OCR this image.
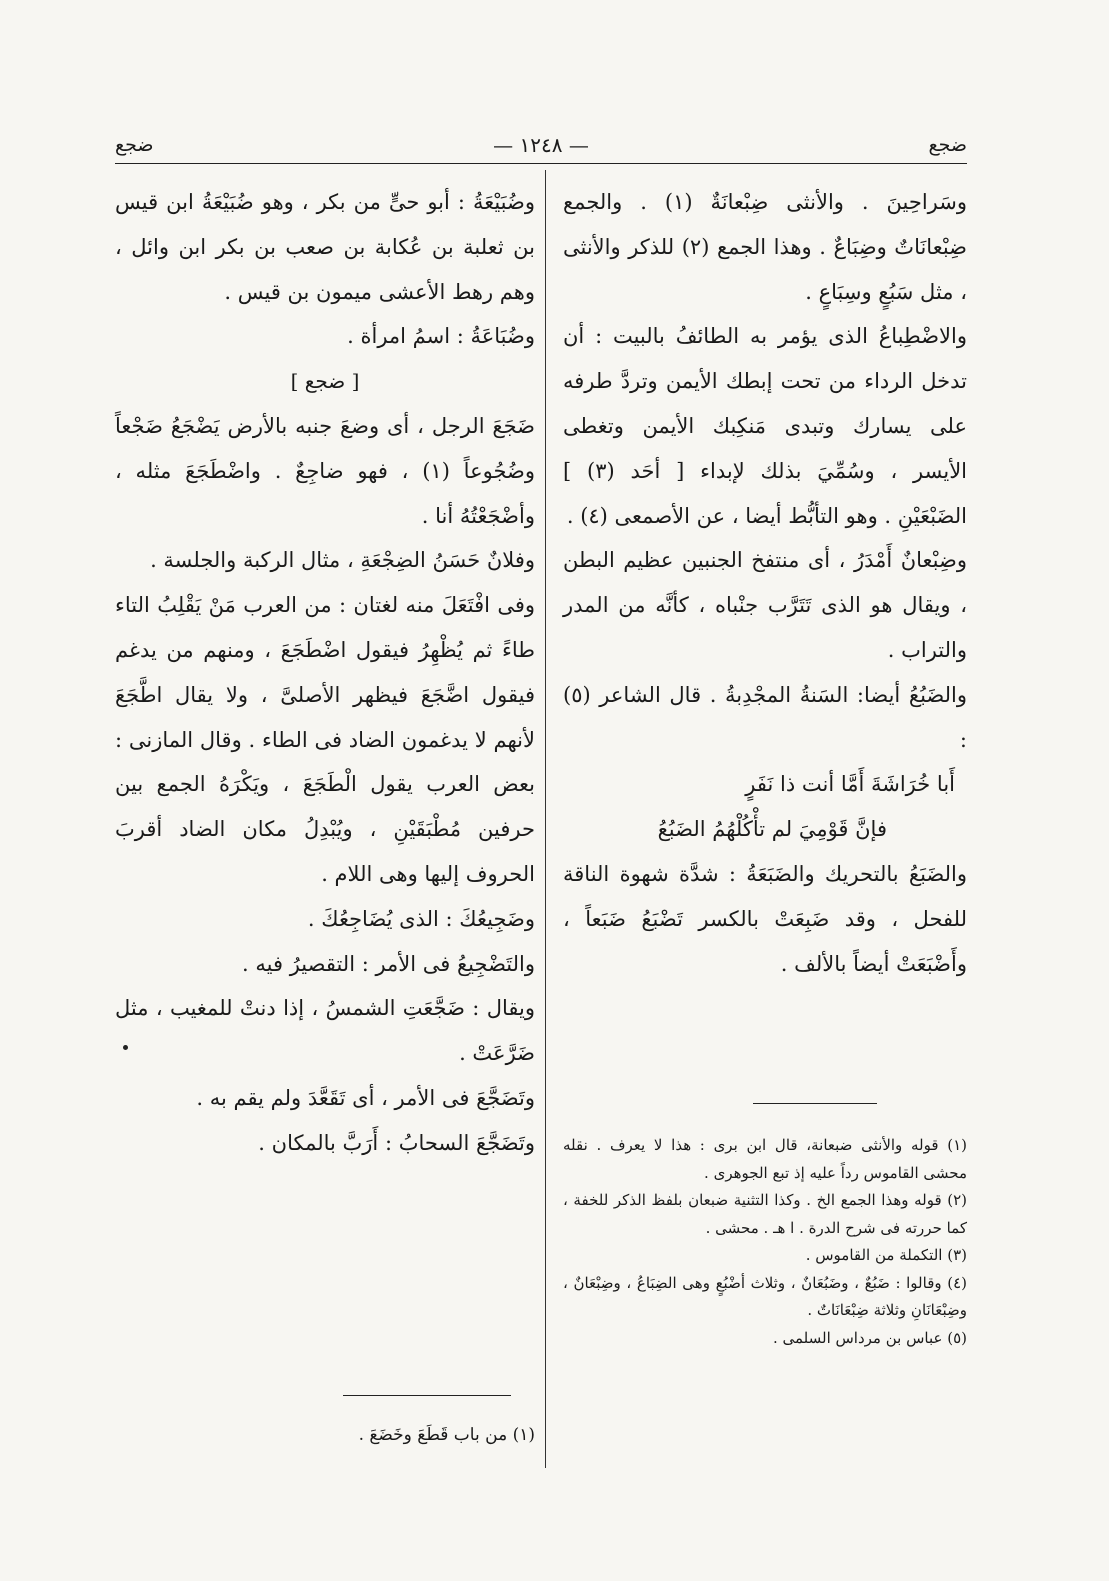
ضجع
— ١٢٤٨ —
ضجع

وسَراحِينَ . والأنثى ضِبْعانَةٌ (١) . والجمع ضِبْعانَاتٌ وضِبَاعٌ . وهذا الجمع (٢) للذكر والأنثى ، مثل سَبُعٍ وسِبَاعٍ .

والاضْطِباعُ الذى يؤمر به الطائفُ بالبيت : أن تدخل الرداء من تحت إبطك الأيمن وتردَّ طرفه على يسارك وتبدى مَنكِبك الأيمن وتغطى الأيسر ، وسُمِّيَ بذلك لإبداء [ أحَد (٣) ] الضَبْعَيْنِ . وهو التأبُّط أيضا ، عن الأصمعى (٤) .

وضِبْعانٌ أَمْدَرُ ، أى منتفخ الجنبين عظيم البطن ، ويقال هو الذى تَتَرَّب جنْباه ، كأنَّه من المدر والتراب .

والضَبُعُ أيضا: السَنةُ المجْدِبةُ . قال الشاعر (٥) :

أَبا خُرَاشَةَ أَمَّا أنت ذا نَفَرٍ

فإنَّ قَوْمِيَ لم تأْكُلْهُمُ الضَبُعُ

والضَبَعُ بالتحريك والضَبَعَةُ : شدَّة شهوة الناقة للفحل ، وقد ضَبِعَتْ بالكسر تَضْبَعُ ضَبَعاً ، وأَضْبَعَتْ أيضاً بالألف .

(١) قوله والأنثى ضبعانة، قال ابن برى : هذا لا يعرف . نقله محشى القاموس رداً عليه إذ تبع الجوهرى .

(٢) قوله وهذا الجمع الخ . وكذا التثنية ضبعان بلفظ الذكر للخفة ، كما حررته فى شرح الدرة . ا هـ . محشى .

(٣) التكملة من القاموس .

(٤) وقالوا : ضَبُعٌ ، وضَبُعَانٌ ، وثلاث أضْبُعٍ وهى الضِبَاعُ ، وضِبْعَانٌ ، وضِبْعَانَانِ وثلاثة ضِبْعَانَاتٌ .

(٥) عباس بن مرداس السلمى .

وضُبَيْعَةُ : أبو حىٍّ من بكر ، وهو ضُبَيْعَةُ ابن قيس بن ثعلبة بن عُكابة بن صعب بن بكر ابن وائل ، وهم رهط الأعشى ميمون بن قيس .

وضُبَاعَةُ : اسمُ امرأة .

[ ضجع ]

ضَجَعَ الرجل ، أى وضعَ جنبه بالأرض يَضْجَعُ ضَجْعاً وضُجُوعاً (١) ، فهو ضاجِعٌ . واضْطَجَعَ مثله ، وأضْجَعْتُهُ أنا .

وفلانٌ حَسَنُ الضِجْعَةِ ، مثال الركبة والجلسة .

وفى افْتَعَلَ منه لغتان : من العرب مَنْ يَقْلِبُ التاء طاءً ثم يُظْهِرُ فيقول اضْطَجَعَ ، ومنهم من يدغم فيقول اضَّجَعَ فيظهر الأصلىَّ ، ولا يقال اطَّجَعَ لأنهم لا يدغمون الضاد فى الطاء . وقال المازنى : بعض العرب يقول الْطَجَعَ ، ويَكْرَهُ الجمع بين حرفين مُطْبَقَيْنِ ، ويُبْدِلُ مكان الضاد أقربَ الحروف إليها وهى اللام .

وضَجِيعُكَ : الذى يُضَاجِعُكَ .

والتَضْجِيعُ فى الأمر : التقصيرُ فيه .

ويقال : ضَجَّعَتِ الشمسُ ، إذا دنتْ للمغيب ، مثل ضَرَّعَتْ .

وتَضَجَّعَ فى الأمر ، أى تَقَعَّدَ ولم يقم به .

وتَضَجَّعَ السحابُ : أَرَبَّ بالمكان .

(١) من باب قَطَعَ وخَضَعَ .
